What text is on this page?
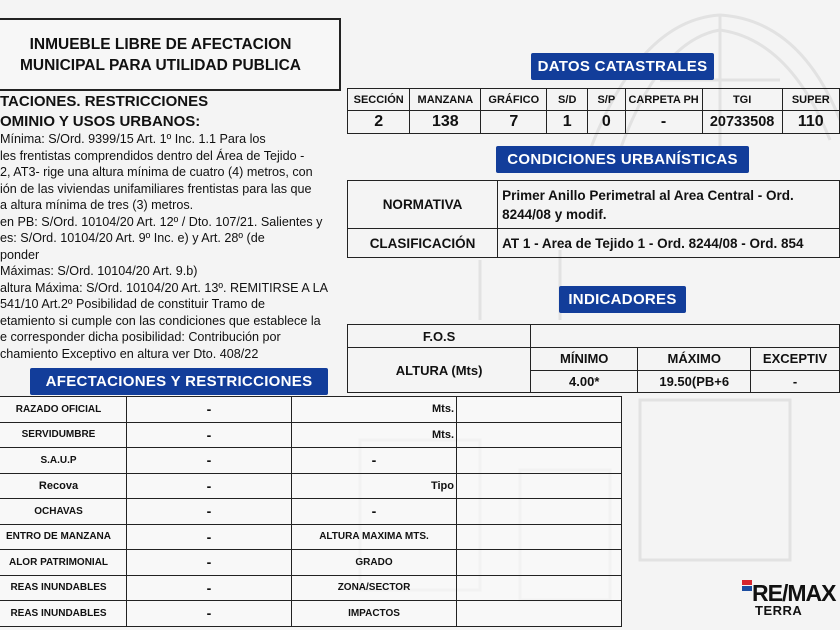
INMUEBLE LIBRE DE AFECTACION
MUNICIPAL PARA UTILIDAD PUBLICA
TACIONES. RESTRICCIONES
OMINIO Y USOS URBANOS:
Mínima: S/Ord. 9399/15 Art. 1º Inc. 1.1 Para los
les frentistas comprendidos dentro del Área de Tejido -
2, AT3- rige una altura mínima de cuatro (4) metros, con
ión de las viviendas unifamiliares frentistas para las que
a altura mínima de tres (3) metros.
en PB: S/Ord. 10104/20 Art. 12º / Dto. 107/21. Salientes y
es: S/Ord. 10104/20 Art. 9º Inc. e) y Art. 28º (de
ponder
Máximas: S/Ord. 10104/20 Art. 9.b)
altura Máxima: S/Ord. 10104/20 Art. 13º. REMITIRSE A LA
541/10 Art.2º Posibilidad de constituir Tramo de
etamiento si cumple con las condiciones que establece la
e corresponder dicha posibilidad: Contribución por
chamiento Exceptivo en altura ver Dto. 408/22
AFECTACIONES Y RESTRICCIONES
RAZADO OFICIAL	-	Mts.	
SERVIDUMBRE	-	Mts.	
S.A.U.P	-	-	
Recova	-	Tipo	
OCHAVAS	-	-	
ENTRO DE MANZANA	-	ALTURA MAXIMA MTS.	
ALOR PATRIMONIAL	-	GRADO	
REAS INUNDABLES	-	ZONA/SECTOR	
REAS INUNDABLES	-	IMPACTOS	
DATOS CATASTRALES
SECCIÓN	MANZANA	GRÁFICO	S/D	S/P	CARPETA PH	TGI	SUPER
2	138	7	1	0	-	20733508	110
CONDICIONES URBANÍSTICAS
NORMATIVA	Primer Anillo Perimetral al Area Central - Ord.
8244/08 y modif.

CLASIFICACIÓN	AT 1 - Area de Tejido 1 - Ord. 8244/08 - Ord. 854
INDICADORES
F.O.S			
ALTURA (Mts)	MÍNIMO	MÁXIMO	EXCEPTIV
	4.00*	19.50(PB+6	-
RE/MAX
TERRA
